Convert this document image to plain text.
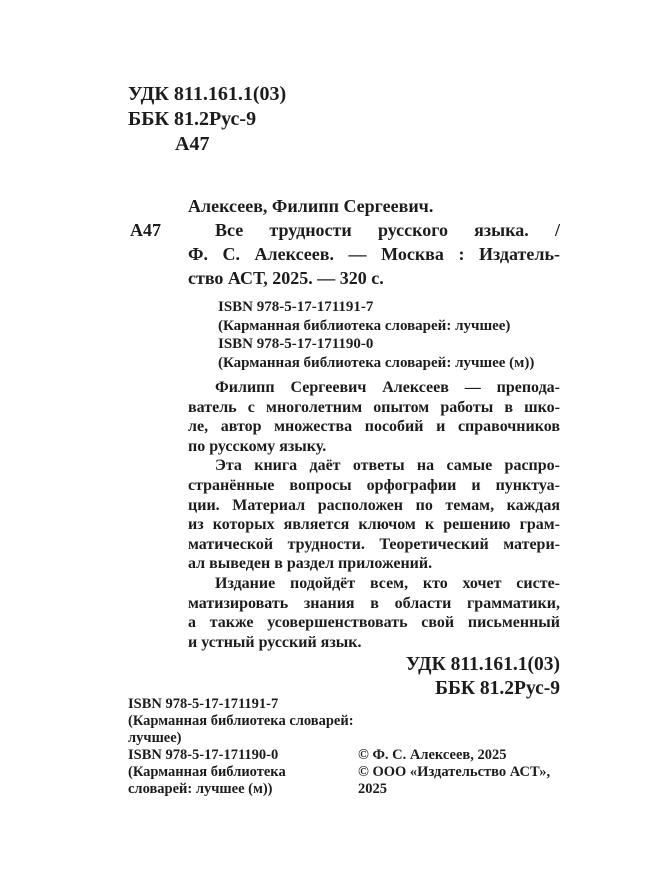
УДК 811.161.1(03)
ББК 81.2Рус-9
А47
А47
Алексеев, Филипп Сергеевич.
Все трудности русского языка. /
Ф. С. Алексеев. — Москва : Издатель-
ство АСТ, 2025. — 320 с.
ISBN 978-5-17-171191-7
(Карманная библиотека словарей: лучшее)
ISBN 978-5-17-171190-0
(Карманная библиотека словарей: лучшее (м))
Филипп Сергеевич Алексеев — препода-
ватель с многолетним опытом работы в шко-
ле, автор множества пособий и справочников
по русскому языку.
Эта книга даёт ответы на самые распро-
странённые вопросы орфографии и пунктуа-
ции. Материал расположен по темам, каждая
из которых является ключом к решению грам-
матической трудности. Теоретический матери-
ал выведен в раздел приложений.
Издание подойдёт всем, кто хочет систе-
матизировать знания в области грамматики,
а также усовершенствовать свой письменный
и устный русский язык.
УДК 811.161.1(03)
ББК 81.2Рус-9
ISBN 978-5-17-171191-7
(Карманная библиотека словарей:
лучшее)
ISBN 978-5-17-171190-0
(Карманная библиотека
словарей: лучшее (м))
© Ф. С. Алексеев, 2025
© ООО «Издательство АСТ»,
2025
